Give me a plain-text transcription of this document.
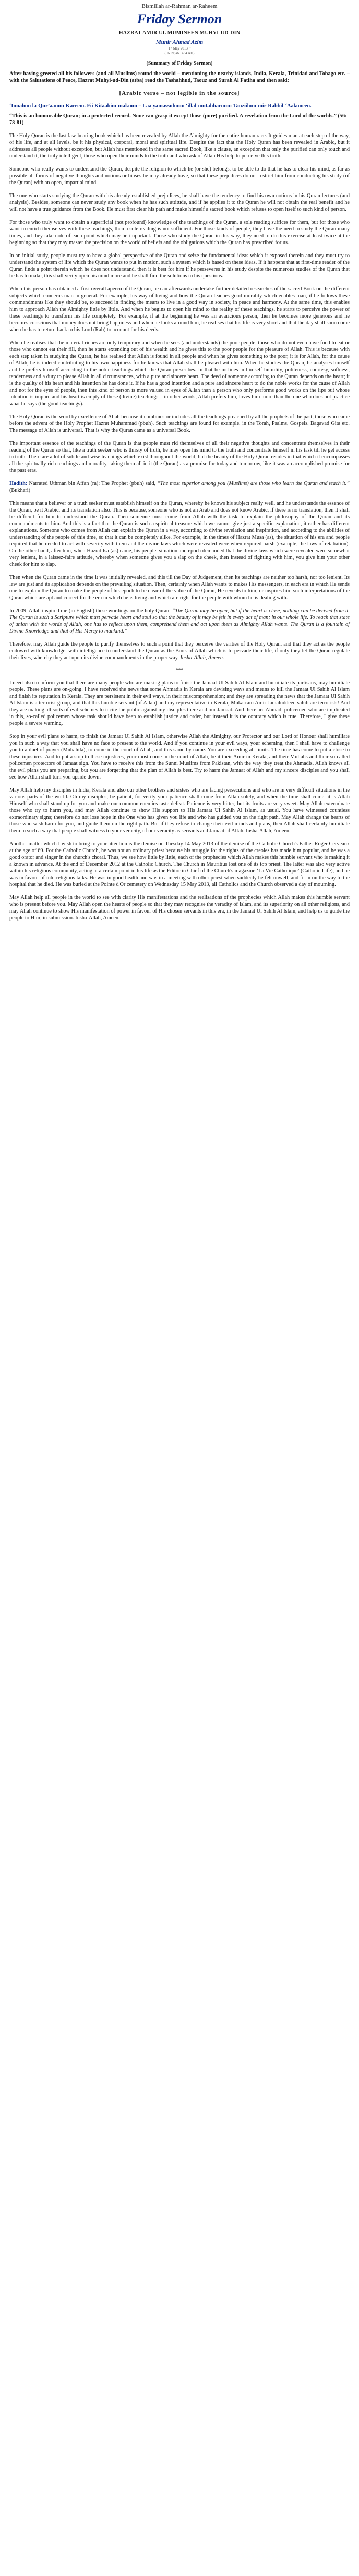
Bismillah ar-Rahman ar-Raheem
Friday Sermon
HAZRAT AMIR UL MUMINEEN MUHYI-UD-DIN
Munir Ahmad Azim
17 May 2013 ~
(06 Rajab 1434 AH)
(Summary of Friday Sermon)

After having greeted all his followers (and all Muslims) round the world – mentioning the nearby islands, India, Kerala, Trinidad and Tobago etc. – with the Salutations of Peace, Hazrat Muhyi-ud-Din (atba) read the Tashahhud, Taouz and Surah Al Fatiha and then said:

[Arabic verse – not legible in the source]
‘Innahuu la-Qur’aanun-Kareem. Fii Kitaabim-maknun – Laa yamassuhuuu ‘illal-mutahharuun: Tanziilum-mir-Rabbil-‘Aalameen.
“This is an honourable Quran; in a protected record. None can grasp it except those (pure) purified. A revelation from the Lord of the worlds.” (56: 78-81)

The Holy Quran is the last law-bearing book which has been revealed by Allah the Almighty for the entire human race. It guides man at each step of the way, of his life, and at all levels, be it his physical, corporal, moral and spiritual life. Despite the fact that the Holy Quran has been revealed in Arabic, but it addresses all people without exception, but Allah has mentioned in the same sacred Book, like a clause, an exception that only the purified can only touch and understand it, the truly intelligent, those who open their minds to the truth and who ask of Allah His help to perceive this truth.

Someone who really wants to understand the Quran, despite the religion to which he (or she) belongs, to be able to do that he has to clear his mind, as far as possible all forms of negative thoughts and notions or biases he may already have, so that these prejudices do not restrict him from conducting his study (of the Quran) with an open, impartial mind.

The one who starts studying the Quran with his already established prejudices, he shall have the tendency to find his own notions in his Quran lectures (and analysis). Besides, someone can never study any book when he has such attitude, and if he applies it to the Quran he will not obtain the real benefit and he will not have a true guidance from the Book. He must first clear his path and make himself a sacred book which refuses to open itself to such kind of person.

For those who truly want to obtain a superficial (not profound) knowledge of the teachings of the Quran, a sole reading suffices for them, but for those who want to enrich themselves with these teachings, then a sole reading is not sufficient. For those kinds of people, they have the need to study the Quran many times, and they take note of each point which may be important. Those who study the Quran in this way, they need to do this exercise at least twice at the beginning so that they may master the precision on the world of beliefs and the obligations which the Quran has prescribed for us.

In an initial study, people must try to have a global perspective of the Quran and seize the fundamental ideas which it exposed therein and they must try to understand the system of life which the Quran wants to put in motion, such a system which is based on these ideas. If it happens that at first-time reader of the Quran finds a point therein which he does not understand, then it is best for him if he perseveres in his study despite the numerous studies of the Quran that he has to make, this shall verily open his mind more and he shall find the solutions to his questions.

When this person has obtained a first overall apercu of the Quran, he can afterwards undertake further detailed researches of the sacred Book on the different subjects which concerns man in general. For example, his way of living and how the Quran teaches good morality which enables man, if he follows these commandments like they should be, to succeed in finding the means to live in a good way in society, in peace and harmony. At the same time, this enables him to approach Allah the Almighty little by little. And when he begins to open his mind to the reality of these teachings, he starts to perceive the power of these teachings to transform his life completely. For example, if at the beginning he was an avaricious person, then he becomes more generous and he becomes conscious that money does not bring happiness and when he looks around him, he realises that his life is very short and that the day shall soon come when he has to return back to his Lord (Rab) to account for his deeds.

When he realises that the material riches are only temporary and when he sees (and understands) the poor people, those who do not even have food to eat or those who cannot eat their fill, then he starts extending out of his wealth and he gives this to the poor people for the pleasure of Allah. This is because with each step taken in studying the Quran, he has realised that Allah is found in all people and when he gives something to the poor, it is for Allah, for the cause of Allah, he is indeed contributing to his own happiness for he knows that Allah shall be pleased with him. When he studies the Quran, he analyses himself and he prefers himself according to the noble teachings which the Quran prescribes. In that he inclines in himself humility, politeness, courtesy, softness, tenderness and a duty to please Allah in all circumstances, with a pure and sincere heart. The deed of someone according to the Quran depends on the heart; it is the quality of his heart and his intention he has done it. If he has a good intention and a pure and sincere heart to do the noble works for the cause of Allah and not for the eyes of people, then this kind of person is more valued in eyes of Allah than a person who only performs good works on the lips but whose intention is impure and his heart is empty of these (divine) teachings – in other words, Allah prefers him, loves him more than the one who does not practice what he says (the good teachings).

The Holy Quran is the word by excellence of Allah because it combines or includes all the teachings preached by all the prophets of the past, those who came before the advent of the Holy Prophet Hazrat Muhammad (pbuh). Such teachings are found for example, in the Torah, Psalms, Gospels, Bagavad Gita etc. The message of Allah is universal. That is why the Quran came as a universal Book.

The important essence of the teachings of the Quran is that people must rid themselves of all their negative thoughts and concentrate themselves in their reading of the Quran so that, like a truth seeker who is thirsty of truth, he may open his mind to the truth and concentrate himself in his task till he get access to truth. There are a lot of subtle and wise teachings which exist throughout the world, but the beauty of the Holy Quran resides in that which it encompasses all the spiritually rich teachings and morality, taking them all in it (the Quran) as a promise for today and tomorrow, like it was an accomplished promise for the past eras.

Hadith: Narrated Uthman bin Affan (ra): The Prophet (pbuh) said, “The most superior among you (Muslims) are those who learn the Quran and teach it.” (Bukhari)

This means that a believer or a truth seeker must establish himself on the Quran, whereby he knows his subject really well, and he understands the essence of the Quran, be it Arabic, and its translation also. This is because, someone who is not an Arab and does not know Arabic, if there is no translation, then it shall be difficult for him to understand the Quran. Then someone must come from Allah with the task to explain the philosophy of the Quran and its commandments to him. And this is a fact that the Quran is such a spiritual treasure which we cannot give just a specific explanation, it rather has different explanations. Someone who comes from Allah can explain the Quran in a way, according to divine revelation and inspiration, and according to the abilities of understanding of the people of this time, so that it can be completely alike. For example, in the times of Hazrat Musa (as), the situation of his era and people required that he needed to act with severity with them and the divine laws which were revealed were when required harsh (example, the laws of retaliation). On the other hand, after him, when Hazrat Isa (as) came, his people, situation and epoch demanded that the divine laws which were revealed were somewhat very lenient, in a laissez-faire attitude, whereby when someone gives you a slap on the cheek, then instead of fighting with him, you give him your other cheek for him to slap.

Then when the Quran came in the time it was initially revealed, and this till the Day of Judgement, then its teachings are neither too harsh, nor too lenient. Its law are just and its application depends on the prevailing situation. Then, certainly when Allah wants to makes His messengers, in each era in which He sends one to explain the Quran to make the people of his epoch to be clear of the value of the Quran, He reveals to him, or inspires him such interpretations of the Quran which are apt and correct for the era in which he is living and which are right for the people with whom he is dealing with.

In 2009, Allah inspired me (in English) these wordings on the holy Quran: “The Quran may be open, but if the heart is close, nothing can be derived from it. The Quran is such a Scripture which must pervade heart and soul so that the beauty of it may be felt in every act of man; in our whole life. To reach that state of union with the words of Allah, one has to reflect upon them, comprehend them and act upon them as Almighty Allah wants. The Quran is a fountain of Divine Knowledge and that of His Mercy to mankind.”

Therefore, may Allah guide the people to purify themselves to such a point that they perceive the verities of the Holy Quran, and that they act as the people endowed with knowledge, with intelligence to understand the Quran as the Book of Allah which is to pervade their life, if only they let the Quran regulate their lives, whereby they act upon its divine commandments in the proper way. Insha-Allah, Ameen.

***

I need also to inform you that there are many people who are making plans to finish the Jamaat Ul Sahih Al Islam and humiliate its partisans, may humiliate people. These plans are on-going. I have received the news that some Ahmadis in Kerala are devising ways and means to kill the Jamaat Ul Sahih Al Islam and finish its reputation in Kerala. They are persistent in their evil ways, in their miscomprehension; and they are spreading the news that the Jamaat Ul Sahih Al Islam is a terrorist group, and that this humble servant (of Allah) and my representative in Kerala, Mukarram Amir Jamaluddeen sahib are terrorists! And they are making all sorts of evil schemes to incite the public against my disciples there and our Jamaat. And there are Ahmadi policemen who are implicated in this, so-called policemen whose task should have been to establish justice and order, but instead it is the contrary which is true. Therefore, I give these people a severe warning.

Stop in your evil plans to harm, to finish the Jamaat Ul Sahih Al Islam, otherwise Allah the Almighty, our Protector and our Lord of Honour shall humiliate you in such a way that you shall have no face to present to the world. And if you continue in your evil ways, your scheming, then I shall have to challenge you to a duel of prayer (Mubahila), to come in the court of Allah, and this same by name. You are exceeding all limits. The time has come to put a close to these injustices. And to put a stop to these injustices, your must come in the court of Allah, be it their Amir in Kerala, and their Mullahs and their so-called policemen protectors of Jamaat sign. You have to receive this from the Sunni Muslims from Pakistan, with the way they treat the Ahmadis. Allah knows all the evil plans you are preparing, but you are forgetting that the plan of Allah is best. Try to harm the Jamaat of Allah and my sincere disciples and you shall see how Allah shall turn you upside down.

May Allah help my disciples in India, Kerala and also our other brothers and sisters who are facing persecutions and who are in very difficult situations in the various parts of the world. Oh my disciples, be patient, for verily your patience shall come from Allah solely, and when the time shall come, it is Allah Himself who shall stand up for you and make our common enemies taste defeat. Patience is very bitter, but its fruits are very sweet. May Allah exterminate those who try to harm you, and may Allah continue to show His support to His Jamaat Ul Sahih Al Islam, as usual. You have witnessed countless extraordinary signs; therefore do not lose hope in the One who has given you life and who has guided you on the right path. May Allah change the hearts of those who wish harm for you, and guide them on the right path. But if they refuse to change their evil minds and plans, then Allah shall certainly humiliate them in such a way that people shall witness to your veracity, of our veracity as servants and Jamaat of Allah. Insha-Allah, Ameen.

Another matter which I wish to bring to your attention is the demise on Tuesday 14 May 2013 of the demise of the Catholic Church's Father Roger Cerveaux at the age of 69. For the Catholic Church, he was not an ordinary priest because his struggle for the rights of the creoles has made him popular, and he was a good orator and singer in the church's choral. Thus, we see how little by little, each of the prophecies which Allah makes this humble servant who is making it a known in advance. At the end of December 2012 at the Catholic Church. The Church in Mauritius lost one of its top priest. The latter was also very active within his religious community, acting at a certain point in his life as the Editor in Chief of the Church's magazine ‘La Vie Catholique’ (Catholic Life), and he was in favour of interreligious talks. He was in good health and was in a meeting with other priest when suddenly he felt unwell, and fit in on the way to the hospital that he died. He was buried at the Pointe d'Or cemetery on Wednesday 15 May 2013, all Catholics and the Church observed a day of mourning.

May Allah help all people in the world to see with clarity His manifestations and the realisations of the prophecies which Allah makes this humble servant who is present before you. May Allah open the hearts of people so that they may recognise the veracity of Islam, and its superiority on all other religions, and may Allah continue to show His manifestation of power in favour of His chosen servants in this era, in the Jamaat Ul Sahih Al Islam, and help us to guide the people to Him, in submission. Insha-Allah, Ameen.
